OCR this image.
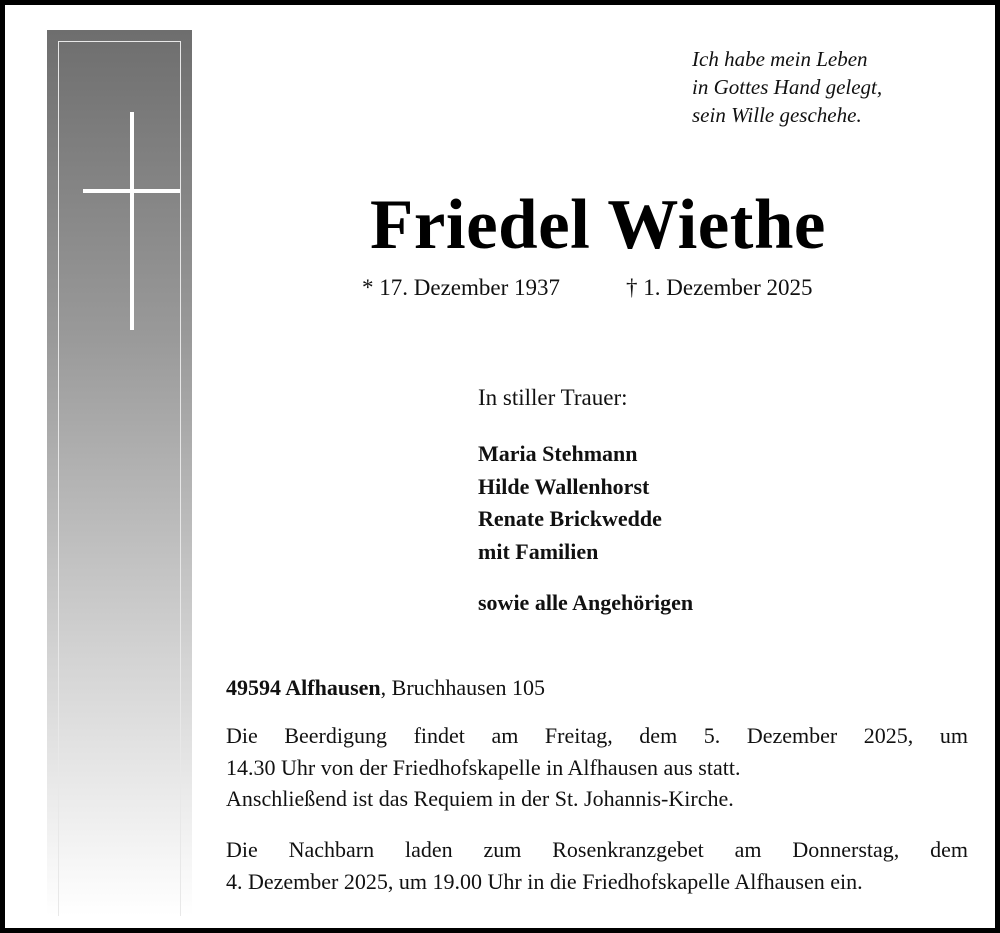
Ich habe mein Leben
in Gottes Hand gelegt,
sein Wille geschehe.
Friedel Wiethe
* 17. Dezember 1937	† 1. Dezember 2025
In stiller Trauer:
Maria Stehmann
Hilde Wallenhorst
Renate Brickwedde
mit Familien
sowie alle Angehörigen
49594 Alfhausen, Bruchhausen 105
Die Beerdigung findet am Freitag, dem 5. Dezember 2025, um
14.30 Uhr von der Friedhofskapelle in Alfhausen aus statt.
Anschließend ist das Requiem in der St. Johannis-Kirche.
Die Nachbarn laden zum Rosenkranzgebet am Donnerstag, dem
4. Dezember 2025, um 19.00 Uhr in die Friedhofskapelle Alfhausen ein.
